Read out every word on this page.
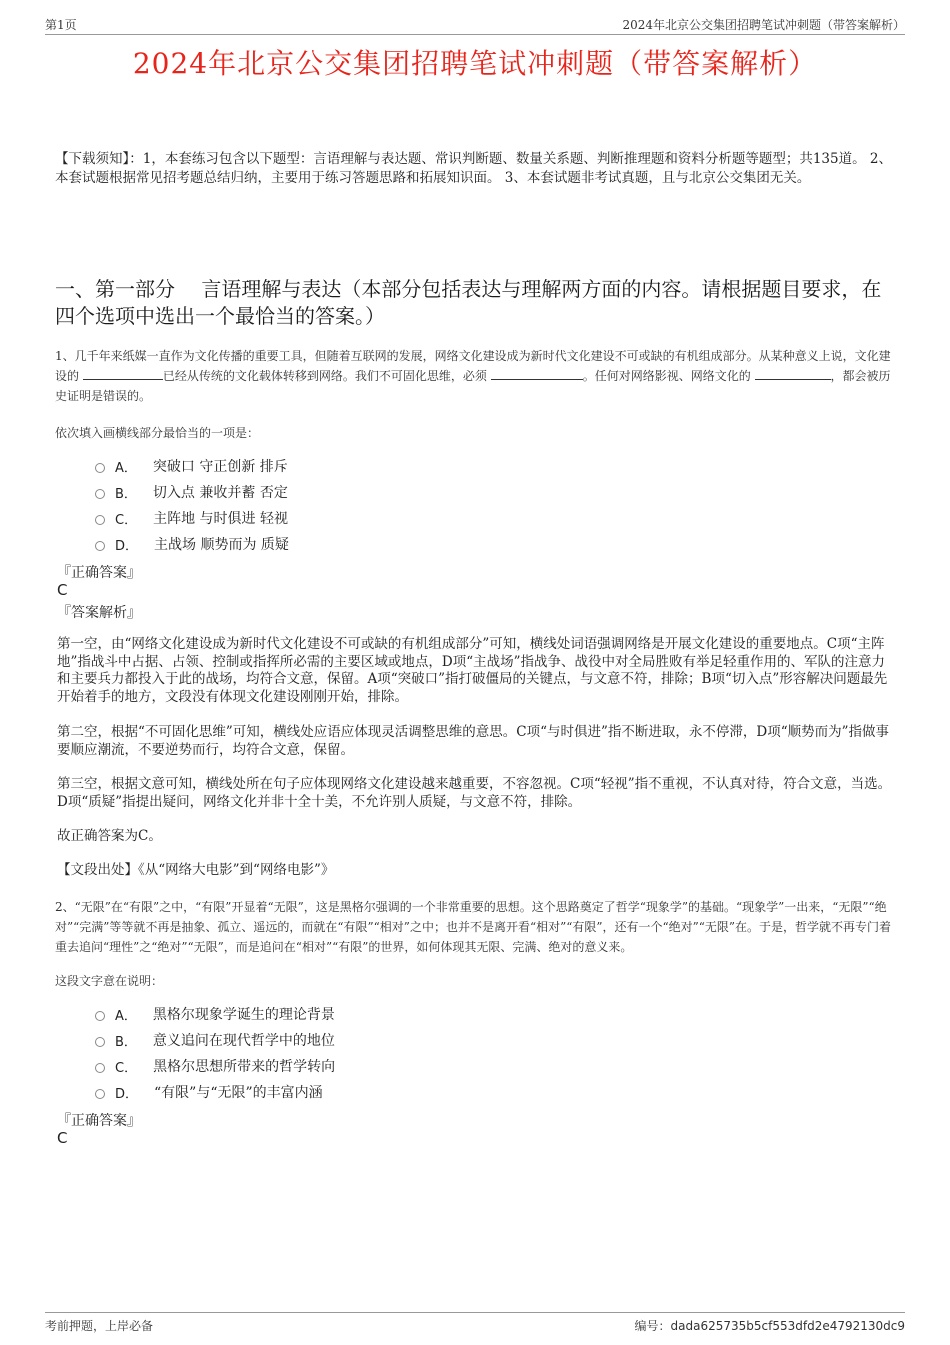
第1页	2024年北京公交集团招聘笔试冲刺题（带答案解析）
2024年北京公交集团招聘笔试冲刺题（带答案解析）

【下载须知】：1，本套练习包含以下题型：言语理解与表达题、常识判断题、数量关系题、判断推理题和资料分析题等题型；共135道。 2、本套试题根据常见招考题总结归纳，主要用于练习答题思路和拓展知识面。 3、本套试题非考试真题，且与北京公交集团无关。

一、第一部分　 言语理解与表达（本部分包括表达与理解两方面的内容。请根据题目要求，在四个选项中选出一个最恰当的答案。）

1、几千年来纸媒一直作为文化传播的重要工具，但随着互联网的发展，网络文化建设成为新时代文化建设不可或缺的有机组成部分。从某种意义上说，文化建设的	已经从传统的文化载体转移到网络。我们不可固化思维，必须	。任何对网络影视、网络文化的	，都会被历史证明是错误的。

依次填入画横线部分最恰当的一项是：

A． 突破口 守正创新 排斥
B． 切入点 兼收并蓄 否定
C． 主阵地 与时俱进 轻视
D． 主战场 顺势而为 质疑

『正确答案』

C

『答案解析』

第一空，由“网络文化建设成为新时代文化建设不可或缺的有机组成部分”可知，横线处词语强调网络是开展文化建设的重要地点。C项“主阵地”指战斗中占据、占领、控制或指挥所必需的主要区域或地点，D项“主战场”指战争、战役中对全局胜败有举足轻重作用的、军队的注意力和主要兵力都投入于此的战场，均符合文意，保留。A项“突破口”指打破僵局的关键点，与文意不符，排除；B项“切入点”形容解决问题最先开始着手的地方，文段没有体现文化建设刚刚开始，排除。

第二空，根据“不可固化思维”可知，横线处应语应体现灵活调整思维的意思。C项“与时俱进”指不断进取，永不停滞，D项“顺势而为”指做事要顺应潮流，不要逆势而行，均符合文意，保留。

第三空，根据文意可知，横线处所在句子应体现网络文化建设越来越重要，不容忽视。C项“轻视”指不重视，不认真对待，符合文意，当选。D项“质疑”指提出疑问，网络文化并非十全十美，不允许别人质疑，与文意不符，排除。

故正确答案为C。

【文段出处】《从“网络大电影”到“网络电影”》

2、“无限”在“有限”之中，“有限”开显着“无限”，这是黑格尔强调的一个非常重要的思想。这个思路奠定了哲学“现象学”的基础。“现象学”一出来，“无限”“绝对”“完满”等等就不再是抽象、孤立、遥远的，而就在“有限”“相对”之中；也并不是离开看“相对”“有限”，还有一个“绝对”“无限”在。于是，哲学就不再专门着重去追问“理性”之“绝对”“无限”，而是追问在“相对”“有限”的世界，如何体现其无限、完满、绝对的意义来。

这段文字意在说明：

A． 黑格尔现象学诞生的理论背景
B． 意义追问在现代哲学中的地位
C． 黑格尔思想所带来的哲学转向
D． “有限”与“无限”的丰富内涵

『正确答案』

C

考前押题，上岸必备	编号：dada625735b5cf553dfd2e4792130dc9
